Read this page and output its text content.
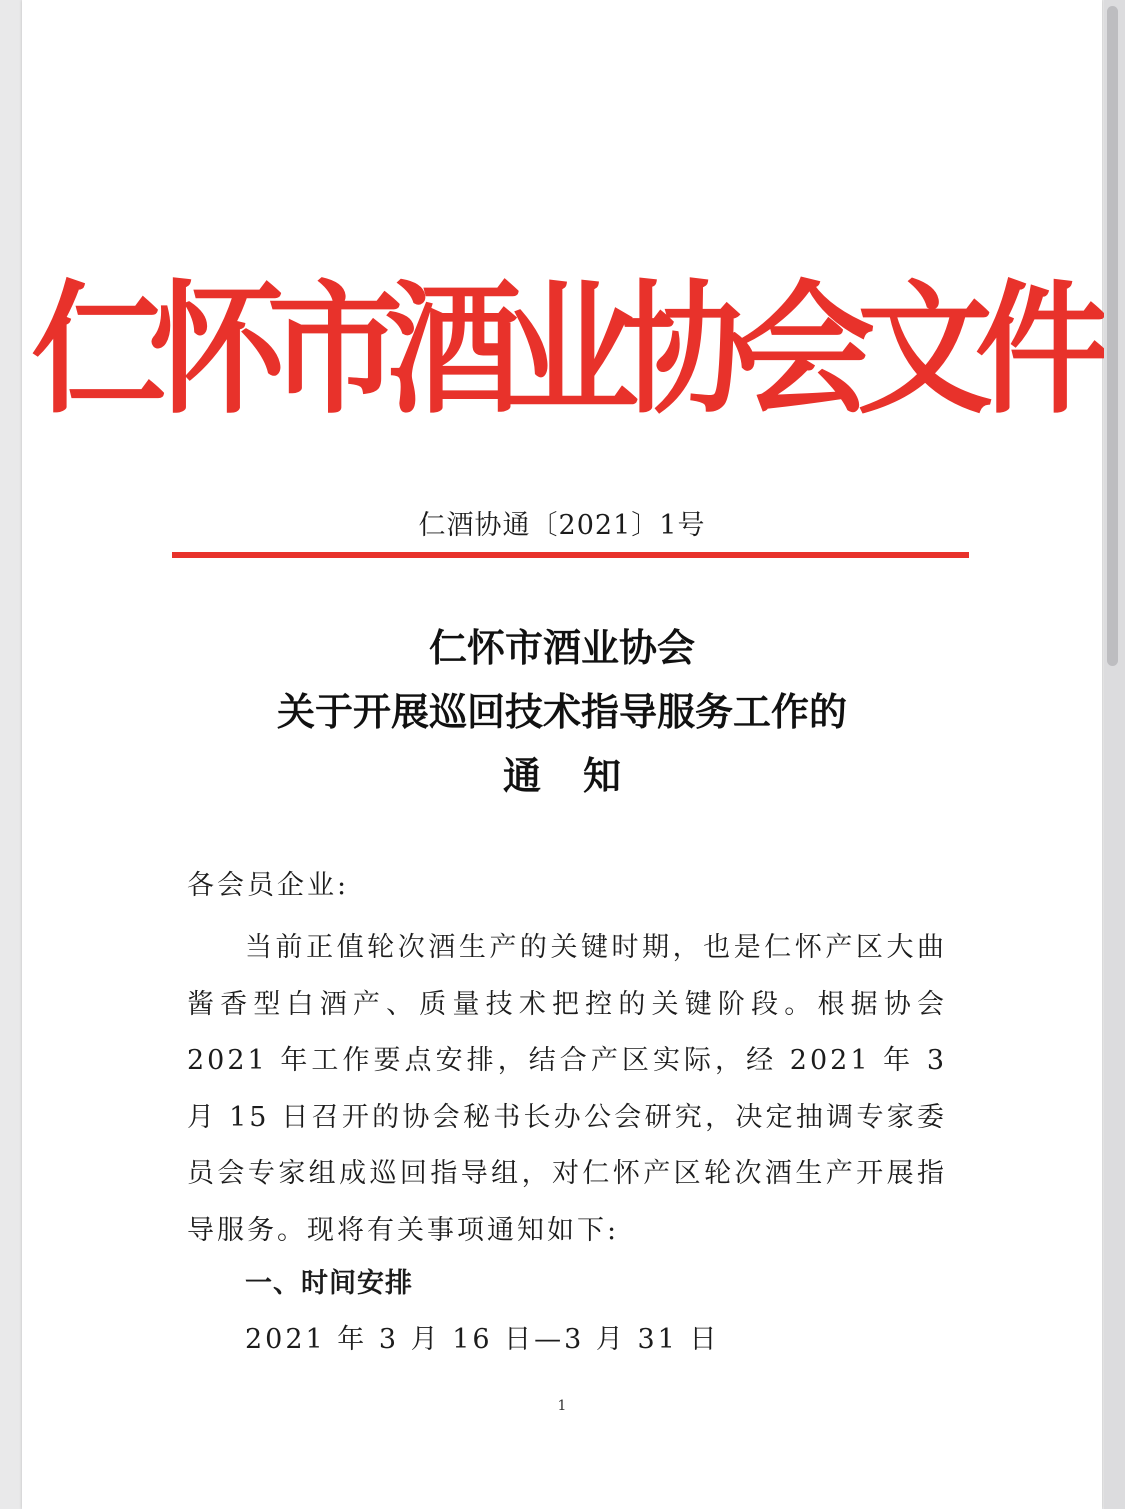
仁怀市酒业协会文件
仁酒协通〔2021〕1号
仁怀市酒业协会
关于开展巡回技术指导服务工作的
通知
各会员企业:
当前正值轮次酒生产的关键时期，也是仁怀产区大曲酱香型白酒产、质量技术把控的关键阶段。根据协会 2021 年工作要点安排，结合产区实际，经 2021 年 3 月 15 日召开的协会秘书长办公会研究，决定抽调专家委员会专家组成巡回指导组，对仁怀产区轮次酒生产开展指导服务。现将有关事项通知如下:
一、时间安排
2021 年 3 月 16 日—3 月 31 日
1
